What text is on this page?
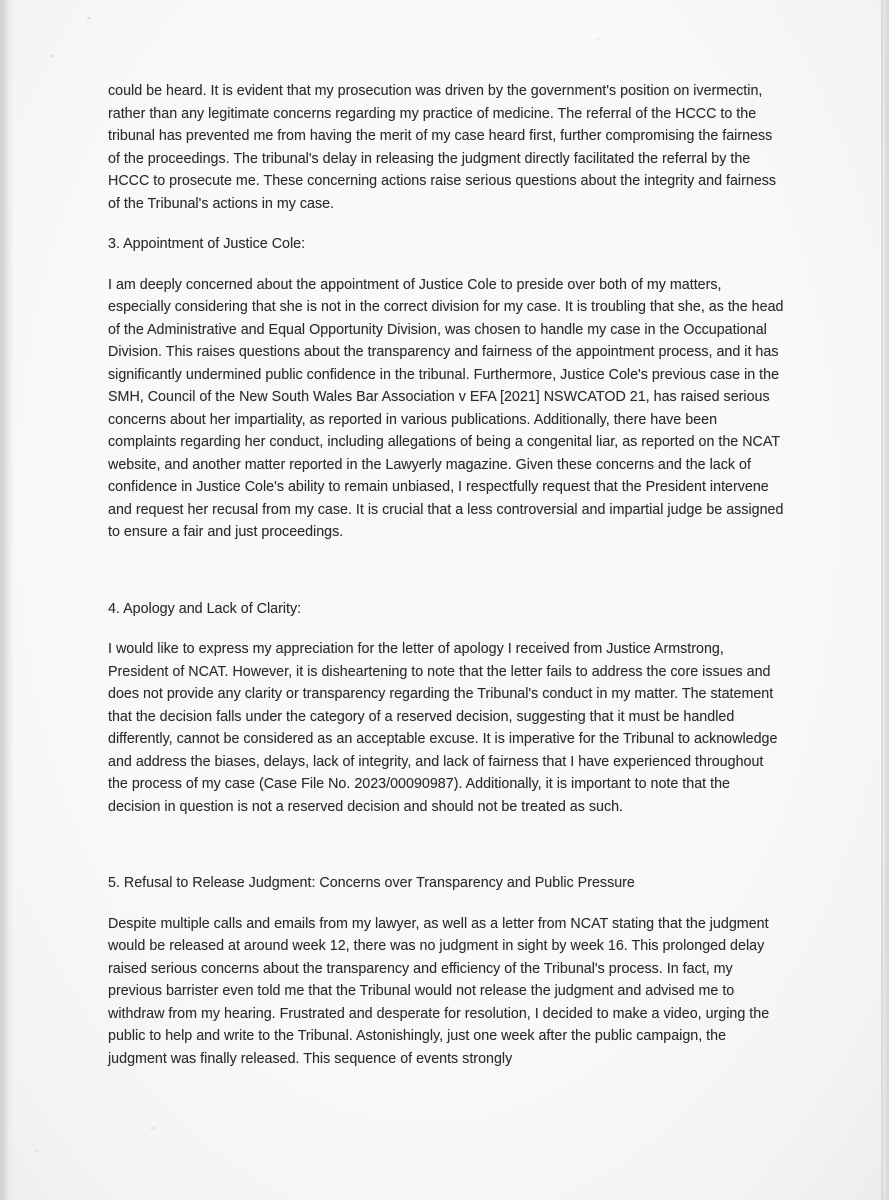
could be heard. It is evident that my prosecution was driven by the government's position on ivermectin, rather than any legitimate concerns regarding my practice of medicine. The referral of the HCCC to the tribunal has prevented me from having the merit of my case heard first, further compromising the fairness of the proceedings. The tribunal's delay in releasing the judgment directly facilitated the referral by the HCCC to prosecute me. These concerning actions raise serious questions about the integrity and fairness of the Tribunal's actions in my case.

3. Appointment of Justice Cole:

I am deeply concerned about the appointment of Justice Cole to preside over both of my matters, especially considering that she is not in the correct division for my case. It is troubling that she, as the head of the Administrative and Equal Opportunity Division, was chosen to handle my case in the Occupational Division. This raises questions about the transparency and fairness of the appointment process, and it has significantly undermined public confidence in the tribunal. Furthermore, Justice Cole's previous case in the SMH, Council of the New South Wales Bar Association v EFA [2021] NSWCATOD 21, has raised serious concerns about her impartiality, as reported in various publications. Additionally, there have been complaints regarding her conduct, including allegations of being a congenital liar, as reported on the NCAT website, and another matter reported in the Lawyerly magazine. Given these concerns and the lack of confidence in Justice Cole's ability to remain unbiased, I respectfully request that the President intervene and request her recusal from my case. It is crucial that a less controversial and impartial judge be assigned to ensure a fair and just proceedings.

4. Apology and Lack of Clarity:

I would like to express my appreciation for the letter of apology I received from Justice Armstrong, President of NCAT. However, it is disheartening to note that the letter fails to address the core issues and does not provide any clarity or transparency regarding the Tribunal's conduct in my matter. The statement that the decision falls under the category of a reserved decision, suggesting that it must be handled differently, cannot be considered as an acceptable excuse. It is imperative for the Tribunal to acknowledge and address the biases, delays, lack of integrity, and lack of fairness that I have experienced throughout the process of my case (Case File No. 2023/00090987). Additionally, it is important to note that the decision in question is not a reserved decision and should not be treated as such.

5. Refusal to Release Judgment: Concerns over Transparency and Public Pressure

Despite multiple calls and emails from my lawyer, as well as a letter from NCAT stating that the judgment would be released at around week 12, there was no judgment in sight by week 16. This prolonged delay raised serious concerns about the transparency and efficiency of the Tribunal's process. In fact, my previous barrister even told me that the Tribunal would not release the judgment and advised me to withdraw from my hearing. Frustrated and desperate for resolution, I decided to make a video, urging the public to help and write to the Tribunal. Astonishingly, just one week after the public campaign, the judgment was finally released. This sequence of events strongly
